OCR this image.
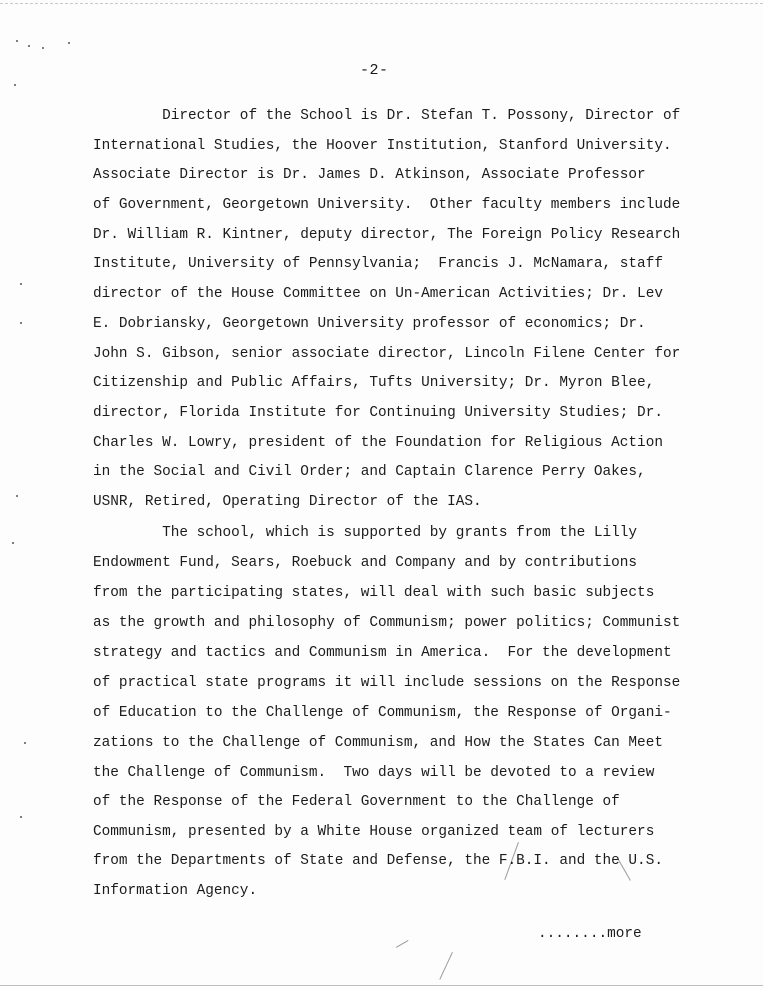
-2-
Director of the School is Dr. Stefan T. Possony, Director of
International Studies, the Hoover Institution, Stanford University.
Associate Director is Dr. James D. Atkinson, Associate Professor
of Government, Georgetown University.  Other faculty members include
Dr. William R. Kintner, deputy director, The Foreign Policy Research
Institute, University of Pennsylvania;  Francis J. McNamara, staff
director of the House Committee on Un-American Activities; Dr. Lev
E. Dobriansky, Georgetown University professor of economics; Dr.
John S. Gibson, senior associate director, Lincoln Filene Center for
Citizenship and Public Affairs, Tufts University; Dr. Myron Blee,
director, Florida Institute for Continuing University Studies; Dr.
Charles W. Lowry, president of the Foundation for Religious Action
in the Social and Civil Order; and Captain Clarence Perry Oakes,
USNR, Retired, Operating Director of the IAS.
The school, which is supported by grants from the Lilly
Endowment Fund, Sears, Roebuck and Company and by contributions
from the participating states, will deal with such basic subjects
as the growth and philosophy of Communism; power politics; Communist
strategy and tactics and Communism in America.  For the development
of practical state programs it will include sessions on the Response
of Education to the Challenge of Communism, the Response of Organi-
zations to the Challenge of Communism, and How the States Can Meet
the Challenge of Communism.  Two days will be devoted to a review
of the Response of the Federal Government to the Challenge of
Communism, presented by a White House organized team of lecturers
from the Departments of State and Defense, the F.B.I. and the U.S.
Information Agency.
........more
